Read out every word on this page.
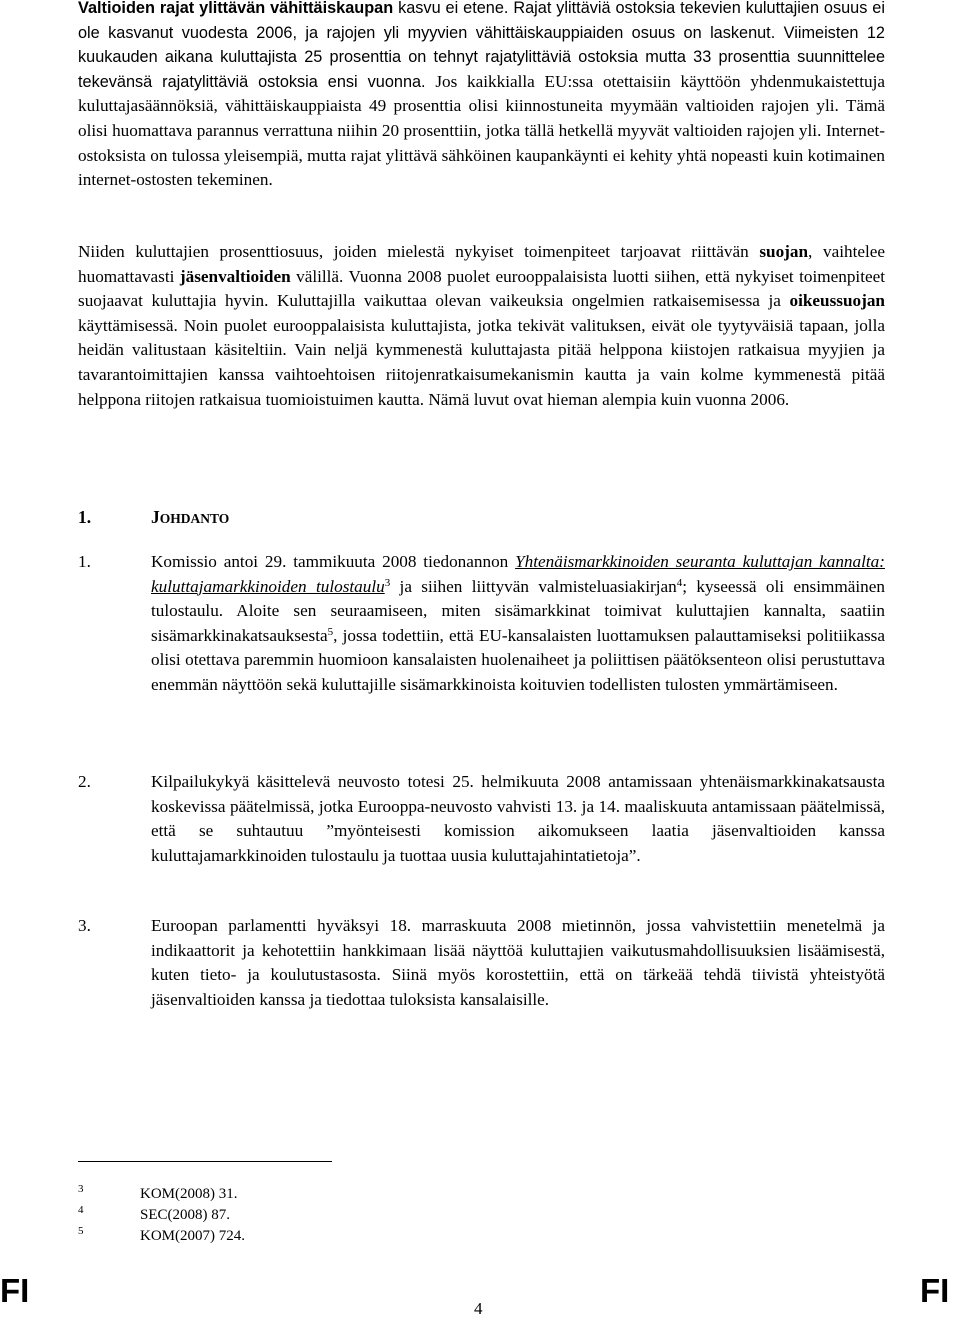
Valtioiden rajat ylittävän vähittäiskaupan kasvu ei etene. Rajat ylittäviä ostoksia tekevien kuluttajien osuus ei ole kasvanut vuodesta 2006, ja rajojen yli myyvien vähittäiskauppiaiden osuus on laskenut. Viimeisten 12 kuukauden aikana kuluttajista 25 prosenttia on tehnyt rajatylittäviä ostoksia mutta 33 prosenttia suunnittelee tekevänsä rajatylittäviä ostoksia ensi vuonna. Jos kaikkialla EU:ssa otettaisiin käyttöön yhdenmukaistettuja kuluttajasäännöksiä, vähittäiskauppiaista 49 prosenttia olisi kiinnostuneita myymään valtioiden rajojen yli. Tämä olisi huomattava parannus verrattuna niihin 20 prosenttiin, jotka tällä hetkellä myyvät valtioiden rajojen yli. Internet-ostoksista on tulossa yleisempiä, mutta rajat ylittävä sähköinen kaupankäynti ei kehity yhtä nopeasti kuin kotimainen internet-ostosten tekeminen.
Niiden kuluttajien prosenttiosuus, joiden mielestä nykyiset toimenpiteet tarjoavat riittävän suojan, vaihtelee huomattavasti jäsenvaltioiden välillä. Vuonna 2008 puolet eurooppalaisista luotti siihen, että nykyiset toimenpiteet suojaavat kuluttajia hyvin. Kuluttajilla vaikuttaa olevan vaikeuksia ongelmien ratkaisemisessa ja oikeussuojan käyttämisessä. Noin puolet eurooppalaisista kuluttajista, jotka tekivät valituksen, eivät ole tyytyväisiä tapaan, jolla heidän valitustaan käsiteltiin. Vain neljä kymmenestä kuluttajasta pitää helppona kiistojen ratkaisua myyjien ja tavarantoimittajien kanssa vaihtoehtoisen riitojenratkaisumekanismin kautta ja vain kolme kymmenestä pitää helppona riitojen ratkaisua tuomioistuimen kautta. Nämä luvut ovat hieman alempia kuin vuonna 2006.
1.	JOHDANTO
1.	Komissio antoi 29. tammikuuta 2008 tiedonannon Yhtenäismarkkinoiden seuranta kuluttajan kannalta: kuluttajamarkkinoiden tulostaulu$^3$ ja siihen liittyvän valmisteluasiakirjan$^4$; kyseessä oli ensimmäinen tulostaulu. Aloite sen seuraamiseen, miten sisämarkkinat toimivat kuluttajien kannalta, saatiin sisämarkkinakatsauksesta$^5$, jossa todettiin, että EU-kansalaisten luottamuksen palauttamiseksi politiikassa olisi otettava paremmin huomioon kansalaisten huolenaiheet ja poliittisen päätöksenteon olisi perustuttava enemmän näyttöön sekä kuluttajille sisämarkkinoista koituvien todellisten tulosten ymmärtämiseen.
2.	Kilpailukykyä käsittelevä neuvosto totesi 25. helmikuuta 2008 antamissaan yhtenäismarkkinakatsausta koskevissa päätelmissä, jotka Eurooppa-neuvosto vahvisti 13. ja 14. maaliskuuta antamissaan päätelmissä, että se suhtautuu ”myönteisesti komission aikomukseen laatia jäsenvaltioiden kanssa kuluttajamarkkinoiden tulostaulu ja tuottaa uusia kuluttajahintatietoja”.
3.	Euroopan parlamentti hyväksyi 18. marraskuuta 2008 mietinnön, jossa vahvistettiin menetelmä ja indikaattorit ja kehotettiin hankkimaan lisää näyttöä kuluttajien vaikutusmahdollisuuksien lisäämisestä, kuten tieto- ja koulutustasosta. Siinä myös korostettiin, että on tärkeää tehdä tiivistä yhteistyötä jäsenvaltioiden kanssa ja tiedottaa tuloksista kansalaisille.
3	KOM(2008) 31.
4	SEC(2008) 87.
5	KOM(2007) 724.
FI	4	FI
